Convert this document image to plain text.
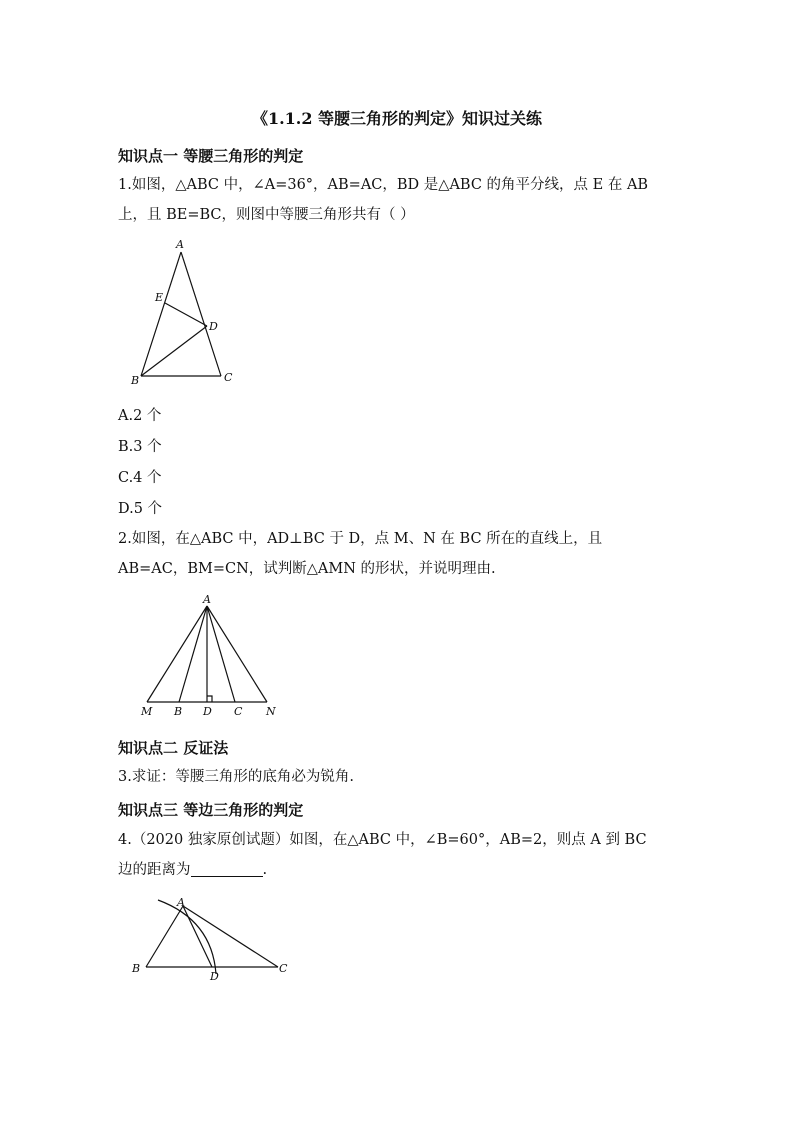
《1.1.2 等腰三角形的判定》知识过关练
知识点一 等腰三角形的判定
1.如图，△ABC 中，∠A=36°，AB=AC，BD 是△ABC 的角平分线，点 E 在 AB
上，且 BE=BC，则图中等腰三角形共有（ ）
A
E
D
B	C
A.2 个
B.3 个
C.4 个
D.5 个
2.如图，在△ABC 中，AD⊥BC 于 D，点 M、N 在 BC 所在的直线上，且
AB=AC，BM=CN，试判断△AMN 的形状，并说明理由.
A
M B D C N
知识点二 反证法
3.求证：等腰三角形的底角必为锐角.
知识点三 等边三角形的判定
4.（2020 独家原创试题）如图，在△ABC 中，∠B=60°，AB=2，则点 A 到 BC
边的距离为	.
A
B
D
C
